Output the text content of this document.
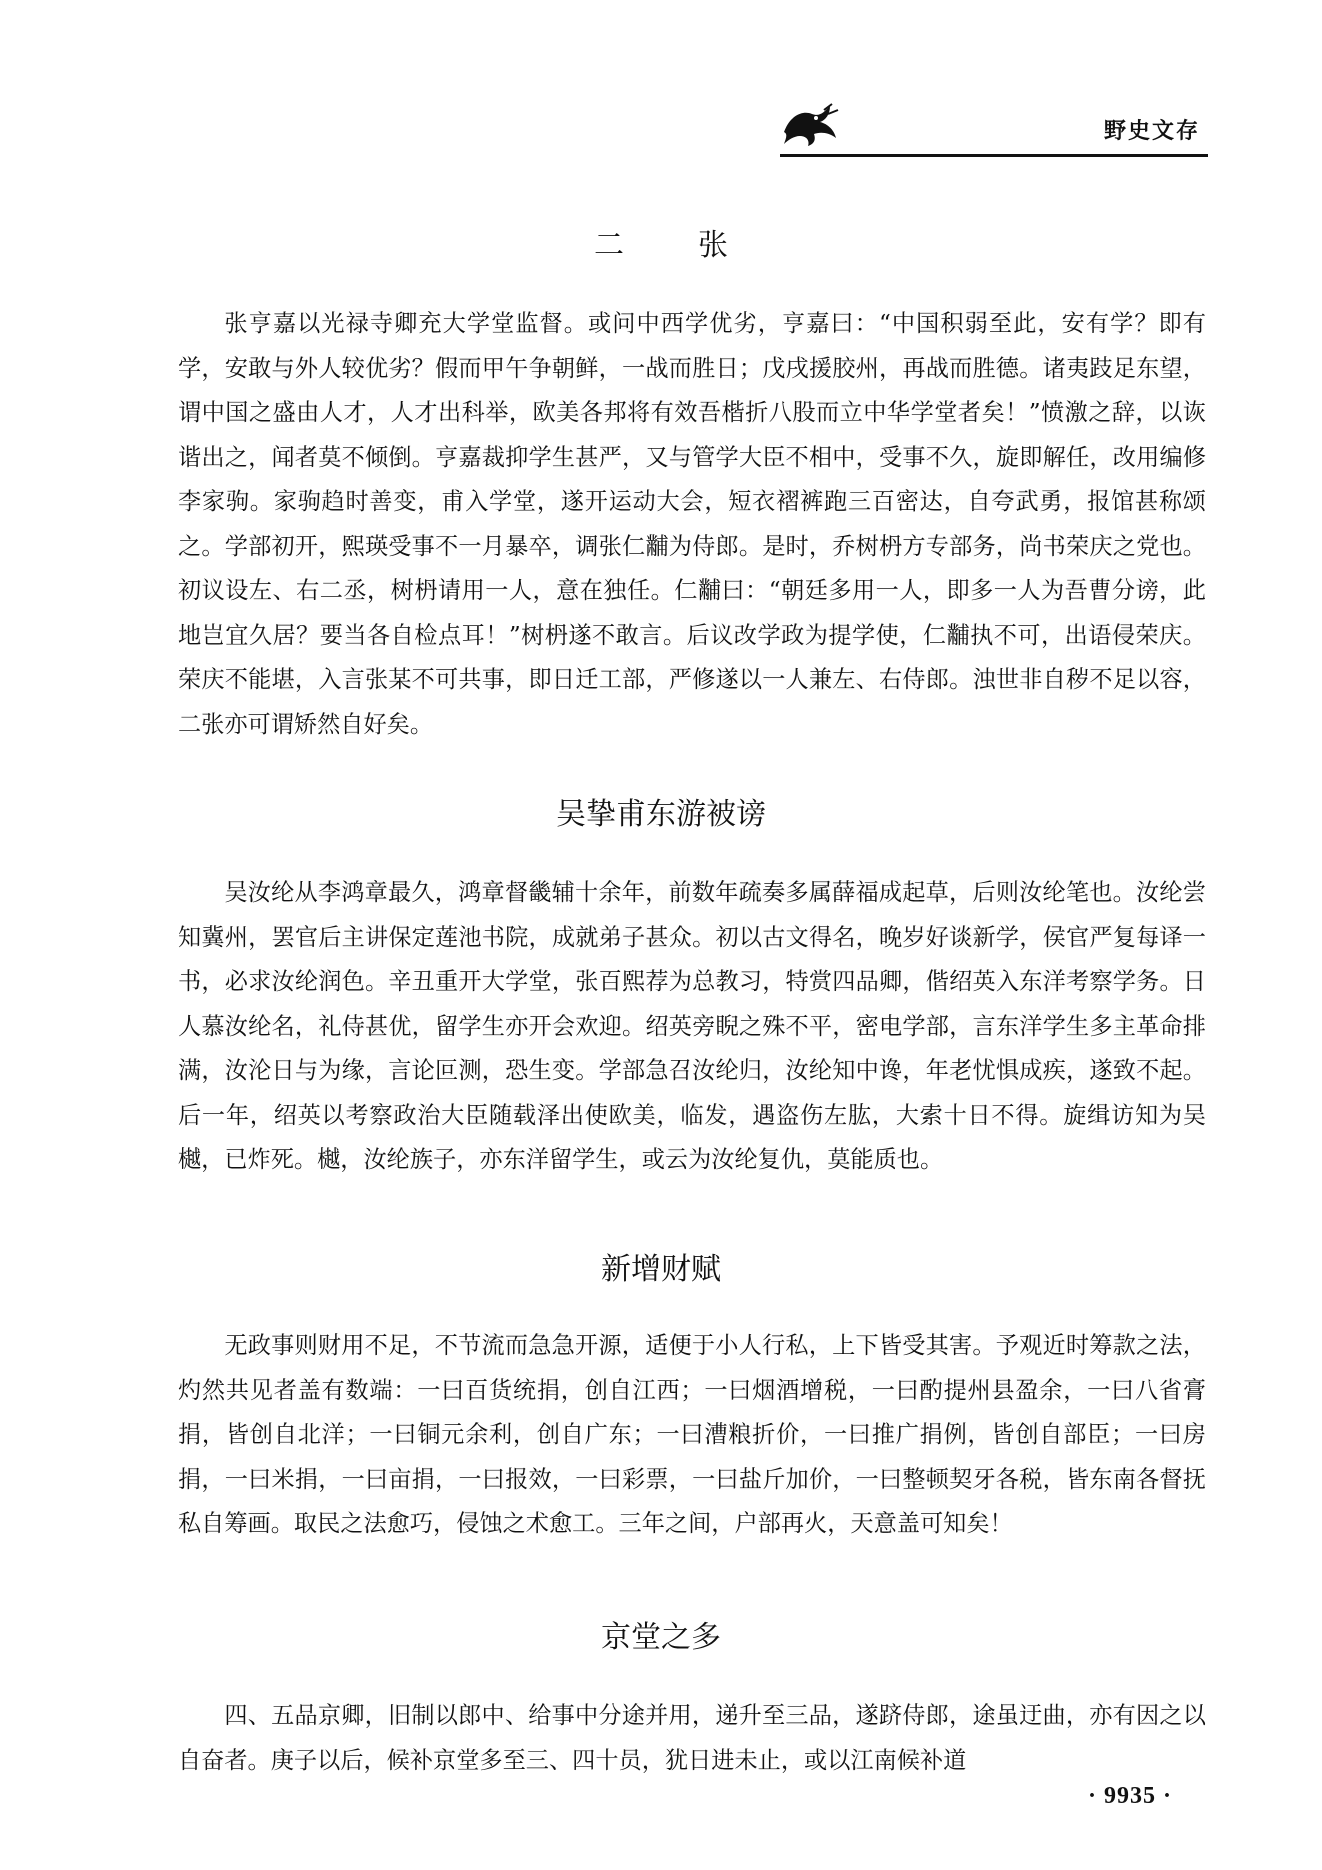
野史文存
二　张

张亨嘉以光禄寺卿充大学堂监督。或问中西学优劣，亨嘉曰：“中国积弱至此，安有学？即有学，安敢与外人较优劣？假而甲午争朝鲜，一战而胜日；戊戌援胶州，再战而胜德。诸夷跂足东望，谓中国之盛由人才，人才出科举，欧美各邦将有效吾楷折八股而立中华学堂者矣！”愤激之辞，以诙谐出之，闻者莫不倾倒。亨嘉裁抑学生甚严，又与管学大臣不相中，受事不久，旋即解任，改用编修李家驹。家驹趋时善变，甫入学堂，遂开运动大会，短衣褶裤跑三百密达，自夸武勇，报馆甚称颂之。学部初开，熙瑛受事不一月暴卒，调张仁黼为侍郎。是时，乔树枬方专部务，尚书荣庆之党也。初议设左、右二丞，树枬请用一人，意在独任。仁黼曰：“朝廷多用一人，即多一人为吾曹分谤，此地岂宜久居？要当各自检点耳！”树枬遂不敢言。后议改学政为提学使，仁黼执不可，出语侵荣庆。荣庆不能堪，入言张某不可共事，即日迁工部，严修遂以一人兼左、右侍郎。浊世非自秽不足以容，二张亦可谓矫然自好矣。

吴挚甫东游被谤

吴汝纶从李鸿章最久，鸿章督畿辅十余年，前数年疏奏多属薛福成起草，后则汝纶笔也。汝纶尝知冀州，罢官后主讲保定莲池书院，成就弟子甚众。初以古文得名，晚岁好谈新学，侯官严复每译一书，必求汝纶润色。辛丑重开大学堂，张百熙荐为总教习，特赏四品卿，偕绍英入东洋考察学务。日人慕汝纶名，礼侍甚优，留学生亦开会欢迎。绍英旁睨之殊不平，密电学部，言东洋学生多主革命排满，汝沦日与为缘，言论叵测，恐生变。学部急召汝纶归，汝纶知中谗，年老忧惧成疾，遂致不起。后一年，绍英以考察政治大臣随载泽出使欧美，临发，遇盗伤左肱，大索十日不得。旋缉访知为吴樾，已炸死。樾，汝纶族子，亦东洋留学生，或云为汝纶复仇，莫能质也。

新增财赋

无政事则财用不足，不节流而急急开源，适便于小人行私，上下皆受其害。予观近时筹款之法，灼然共见者盖有数端：一曰百货统捐，创自江西；一曰烟酒增税，一曰酌提州县盈余，一曰八省膏捐，皆创自北洋；一曰铜元余利，创自广东；一曰漕粮折价，一曰推广捐例，皆创自部臣；一曰房捐，一曰米捐，一曰亩捐，一曰报效，一曰彩票，一曰盐斤加价，一曰整顿契牙各税，皆东南各督抚私自筹画。取民之法愈巧，侵蚀之术愈工。三年之间，户部再火，天意盖可知矣！

京堂之多

四、五品京卿，旧制以郎中、给事中分途并用，递升至三品，遂跻侍郎，途虽迂曲，亦有因之以自奋者。庚子以后，候补京堂多至三、四十员，犹日进未止，或以江南候补道

· 9935 ·
